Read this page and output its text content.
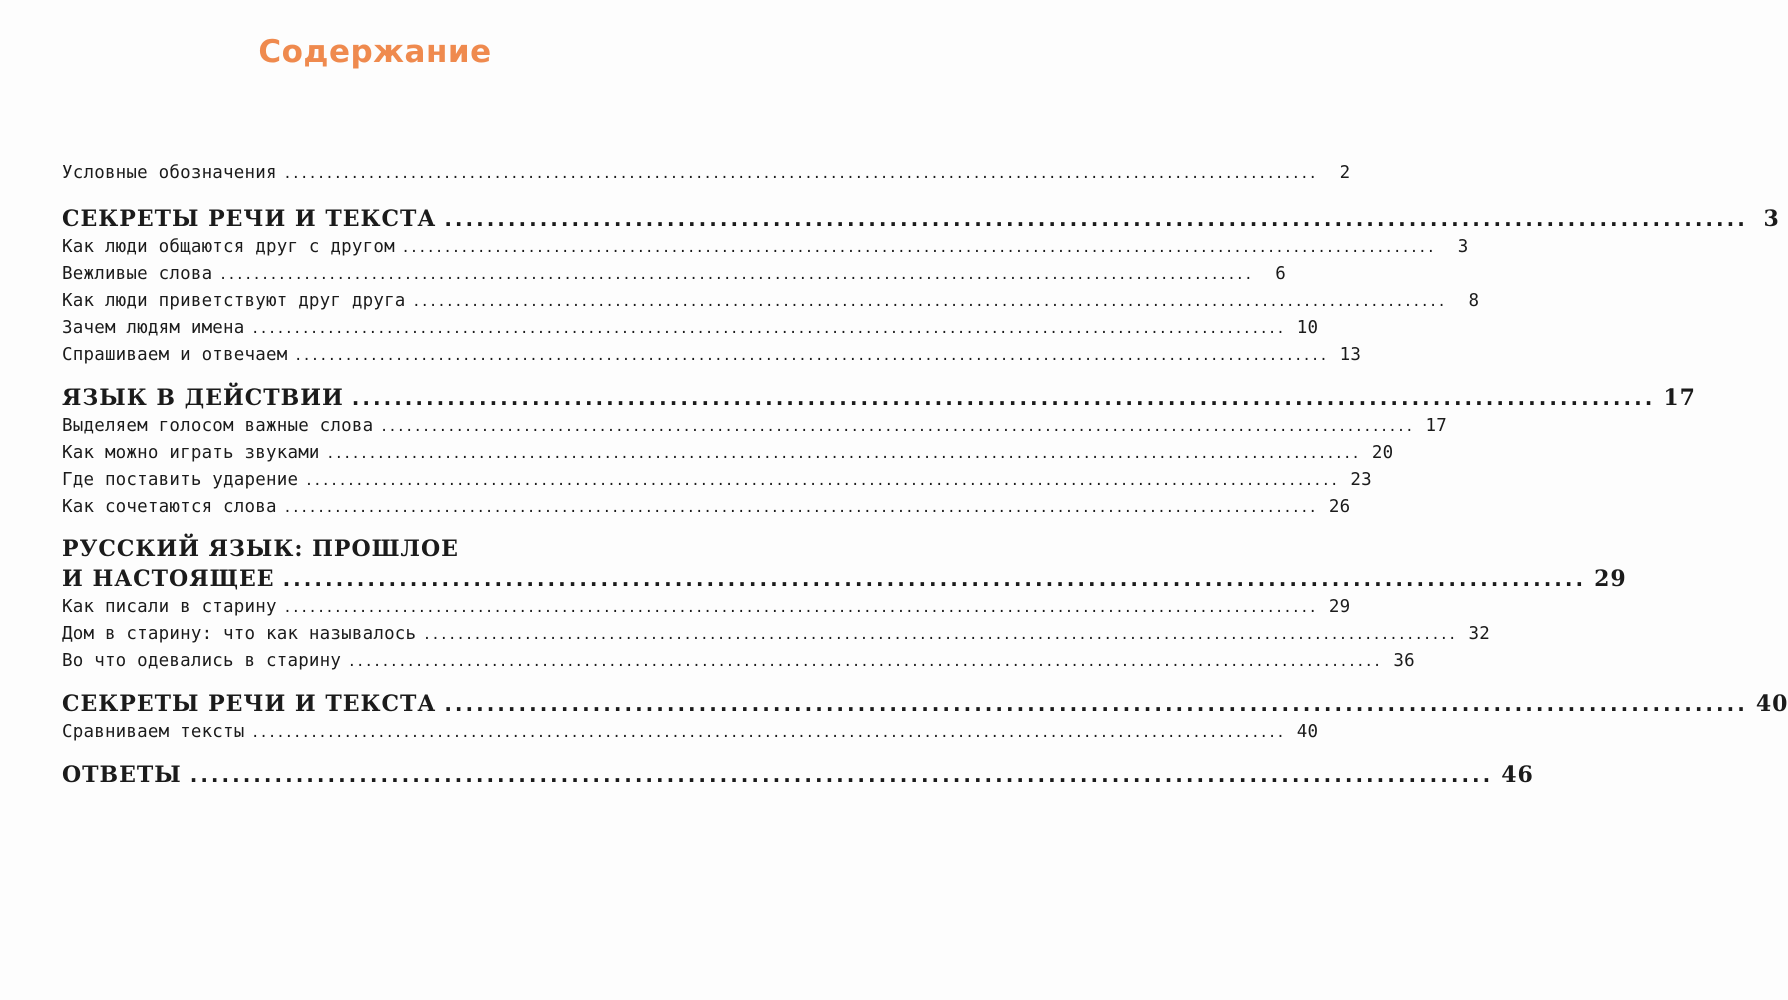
Содержание
Условные обозначения ...........................................................................................................................	2
СЕКРЕТЫ РЕЧИ И ТЕКСТА ........................................................................................................................... 3
Как люди общаются друг с другом ...........................................................................................................................	3
Вежливые слова ...........................................................................................................................	6
Как люди приветствуют друг друга ...........................................................................................................................	8
Зачем людям имена ........................................................................................................................... 10
Спрашиваем и отвечаем ........................................................................................................................... 13
ЯЗЫК В ДЕЙСТВИИ ........................................................................................................................... 17
Выделяем голосом важные слова ........................................................................................................................... 17
Как можно играть звуками ........................................................................................................................... 20
Где поставить ударение ........................................................................................................................... 23
Как сочетаются слова ........................................................................................................................... 26
РУССКИЙ ЯЗЫК: ПРОШЛОЕ
И НАСТОЯЩЕЕ ........................................................................................................................... 29
Как писали в старину ........................................................................................................................... 29
Дом в старину: что как называлось ........................................................................................................................... 32
Во что одевались в старину ........................................................................................................................... 36
СЕКРЕТЫ РЕЧИ И ТЕКСТА ........................................................................................................................... 40
Сравниваем тексты ........................................................................................................................... 40
ОТВЕТЫ ........................................................................................................................... 46
